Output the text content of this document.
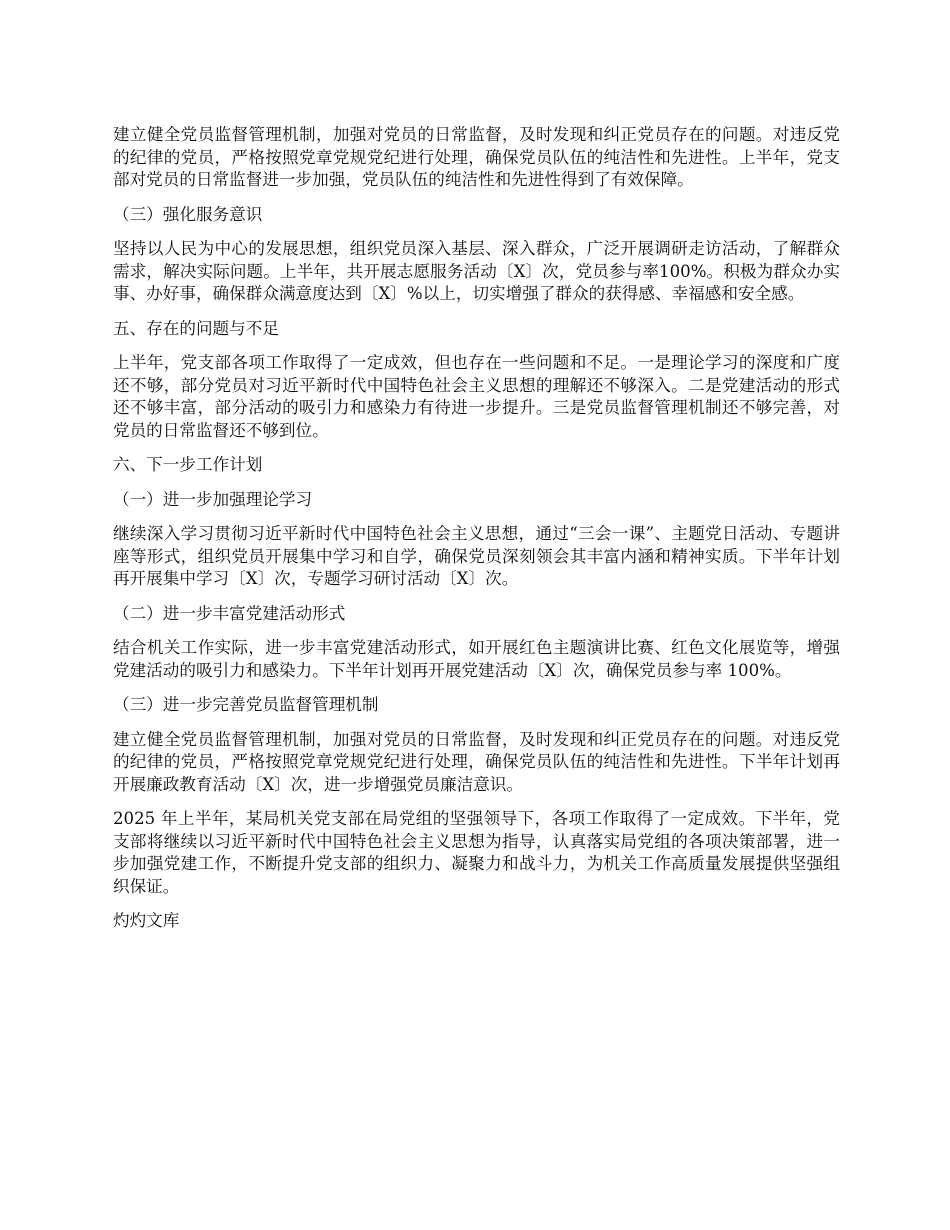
建立健全党员监督管理机制，加强对党员的日常监督，及时发现和纠正党员存在的问题。对违反党的纪律的党员，严格按照党章党规党纪进行处理，确保党员队伍的纯洁性和先进性。上半年，党支部对党员的日常监督进一步加强，党员队伍的纯洁性和先进性得到了有效保障。

（三）强化服务意识

坚持以人民为中心的发展思想，组织党员深入基层、深入群众，广泛开展调研走访活动，了解群众需求，解决实际问题。上半年，共开展志愿服务活动〔X〕次，党员参与率100%。积极为群众办实事、办好事，确保群众满意度达到〔X〕%以上，切实增强了群众的获得感、幸福感和安全感。

五、存在的问题与不足

上半年，党支部各项工作取得了一定成效，但也存在一些问题和不足。一是理论学习的深度和广度还不够，部分党员对习近平新时代中国特色社会主义思想的理解还不够深入。二是党建活动的形式还不够丰富，部分活动的吸引力和感染力有待进一步提升。三是党员监督管理机制还不够完善，对党员的日常监督还不够到位。

六、下一步工作计划

（一）进一步加强理论学习

继续深入学习贯彻习近平新时代中国特色社会主义思想，通过“三会一课”、主题党日活动、专题讲座等形式，组织党员开展集中学习和自学，确保党员深刻领会其丰富内涵和精神实质。下半年计划再开展集中学习〔X〕次，专题学习研讨活动〔X〕次。

（二）进一步丰富党建活动形式

结合机关工作实际，进一步丰富党建活动形式，如开展红色主题演讲比赛、红色文化展览等，增强党建活动的吸引力和感染力。下半年计划再开展党建活动〔X〕次，确保党员参与率 100%。

（三）进一步完善党员监督管理机制

建立健全党员监督管理机制，加强对党员的日常监督，及时发现和纠正党员存在的问题。对违反党的纪律的党员，严格按照党章党规党纪进行处理，确保党员队伍的纯洁性和先进性。下半年计划再开展廉政教育活动〔X〕次，进一步增强党员廉洁意识。

2025 年上半年，某局机关党支部在局党组的坚强领导下，各项工作取得了一定成效。下半年，党支部将继续以习近平新时代中国特色社会主义思想为指导，认真落实局党组的各项决策部署，进一步加强党建工作，不断提升党支部的组织力、凝聚力和战斗力，为机关工作高质量发展提供坚强组织保证。

灼灼文库
